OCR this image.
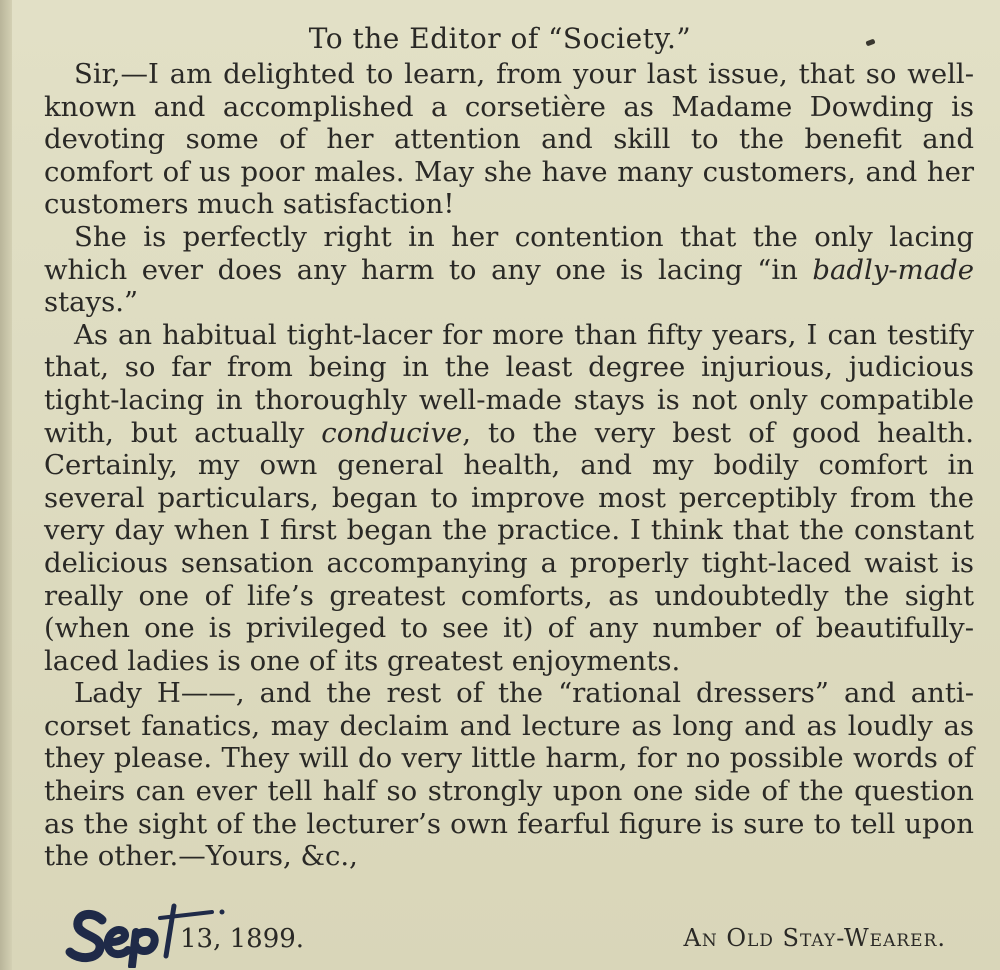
To the Editor of “Society.”

Sir,—I am delighted to learn, from your last issue, that so well-known and accomplished a corsetière as Madame Dowding is devoting some of her attention and skill to the benefit and comfort of us poor males. May she have many customers, and her customers much satisfaction!

She is perfectly right in her contention that the only lacing which ever does any harm to any one is lacing “in badly-made stays.”

As an habitual tight-lacer for more than fifty years, I can testify that, so far from being in the least degree injurious, judicious tight-lacing in thoroughly well-made stays is not only compatible with, but actually conducive, to the very best of good health. Certainly, my own general health, and my bodily comfort in several particulars, began to improve most perceptibly from the very day when I first began the practice. I think that the constant delicious sensation accompanying a properly tight-laced waist is really one of life’s greatest comforts, as undoubtedly the sight (when one is privileged to see it) of any number of beautifully-laced ladies is one of its greatest enjoyments.

Lady H——, and the rest of the “rational dressers” and anti-corset fanatics, may declaim and lecture as long and as loudly as they please. They will do very little harm, for no possible words of theirs can ever tell half so strongly upon one side of the question as the sight of the lecturer’s own fearful figure is sure to tell upon the other.—Yours, &c.,

13, 1899.	An Old Stay-Wearer.
